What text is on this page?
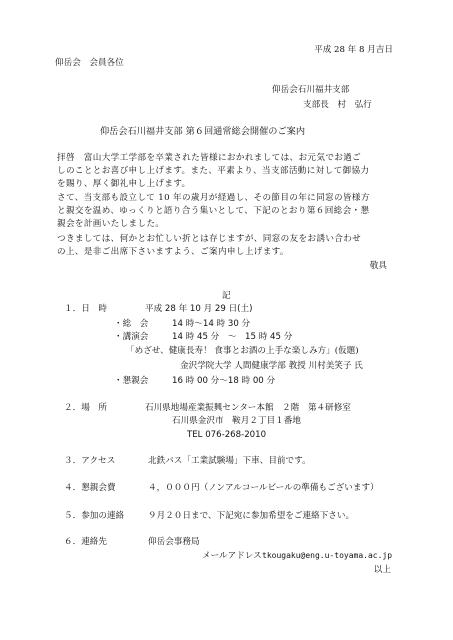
平成 28 年 8 月吉日
仰岳会　会員各位
仰岳会石川福井支部
支部長　村　弘行
仰岳会石川福井支部 第６回通常総会開催のご案内
拝啓　富山大学工学部を卒業された皆様におかれましては、お元気でお過ご
しのこととお喜び申し上げます。また、平素より、当支部活動に対して御協力
を賜り、厚く御礼申し上げます。
さて、当支部も設立して 10 年の歳月が経過し、その節目の年に同窓の皆様方
と親交を温め、ゆっくりと語り合う集いとして、下記のとおり第６回総会・懇
親会を計画いたしました。
つきましては、何かとお忙しい折とは存じますが、同窓の友をお誘い合わせ
の上、是非ご出席下さいますよう、ご案内申し上げます。
敬具
記
１．日　時	平成 28 年 10 月 29 日(土)
・総　会	14 時～14 時 30 分
・講演会	14 時 45 分　～　15 時 45 分
「めざせ、健康長寿！ 食事とお酒の上手な楽しみ方」(仮題)
金沢学院大学 人間健康学部 教授 川村美笑子 氏
・懇親会	16 時 00 分～18 時 00 分
２．場　所	石川県地場産業振興センター本館　２階　第４研修室
石川県金沢市　鞍月２丁目１番地
TEL 076-268-2010
３．アクセス	北鉄バス「工業試験場」下車、目前です。
４．懇親会費	４，０００円（ノンアルコールビールの準備もございます）
５．参加の連絡	９月２０日まで、下記宛に参加希望をご連絡下さい。
６．連絡先	仰岳会事務局
メールアドレス tkougaku@eng.u-toyama.ac.jp
以上
